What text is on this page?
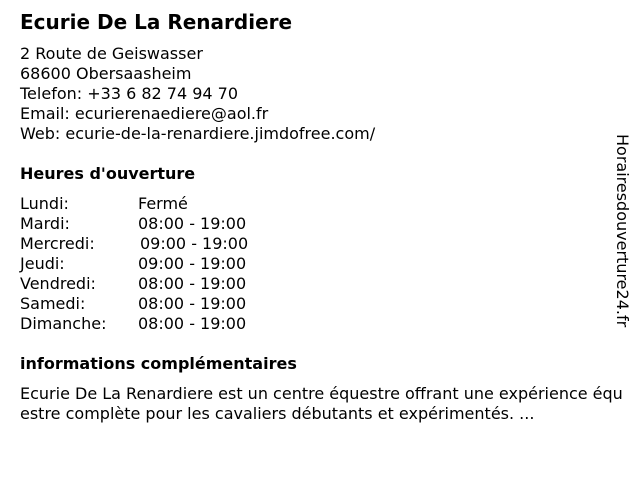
Ecurie De La Renardiere
2 Route de Geiswasser
68600 Obersaasheim
Telefon: +33 6 82 74 94 70
Email: ecurierenaediere@aol.fr
Web: ecurie-de-la-renardiere.jimdofree.com/
Heures d'ouverture
Lundi:	Fermé
Mardi:	08:00 - 19:00
Mercredi:	09:00 - 19:00
Jeudi:	09:00 - 19:00
Vendredi:	08:00 - 19:00
Samedi:	08:00 - 19:00
Dimanche: 08:00 - 19:00
informations complémentaires
Ecurie De La Renardiere est un centre équestre offrant une expérience équestre complète pour les cavaliers débutants et expérimentés. ...
Horairesdouverture24.fr
